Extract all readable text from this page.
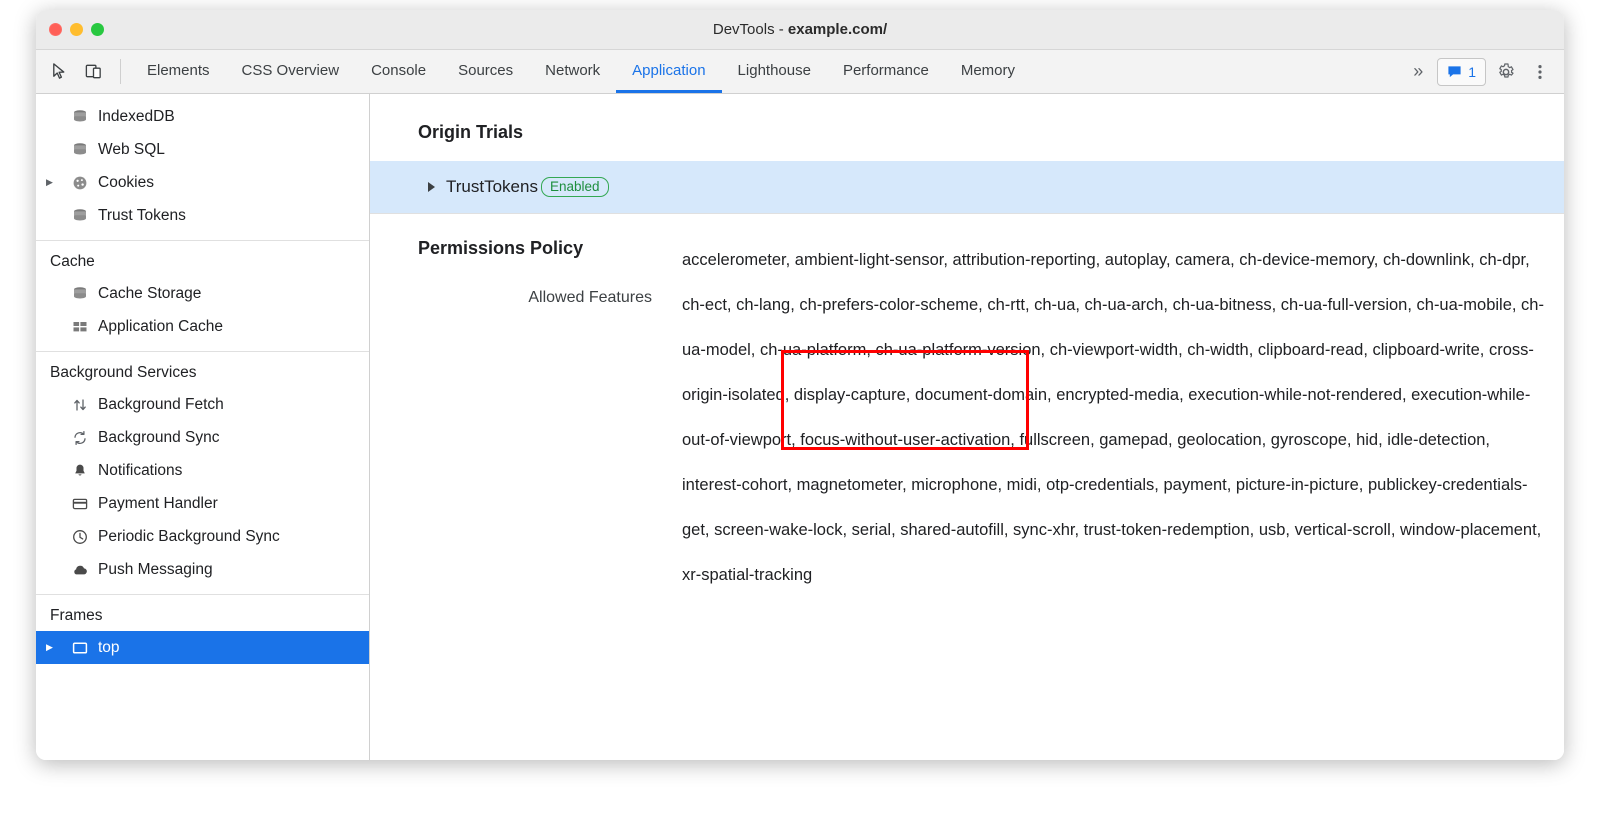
DevTools - example.com/
Elements CSS Overview Console Sources Network Application Lighthouse Performance Memory	»	1
IndexedDB
Web SQL
▶	Cookies
Trust Tokens
Cache
Cache Storage
Application Cache
Background Services
Background Fetch
Background Sync
Notifications
Payment Handler
Periodic Background Sync
Push Messaging
Frames
▶	top
Origin Trials
TrustTokens Enabled
Permissions Policy
Allowed Features
accelerometer, ambient-light-sensor, attribution-reporting, autoplay, camera, ch-device-memory, ch-downlink, ch-dpr, ch-ect, ch-lang, ch-prefers-color-scheme, ch-rtt, ch-ua, ch-ua-arch, ch-ua-bitness, ch-ua-full-version, ch-ua-mobile, ch-ua-model, ch-ua-platform, ch-ua-platform-version, ch-viewport-width, ch-width, clipboard-read, clipboard-write, cross-origin-isolated, display-capture, document-domain, encrypted-media, execution-while-not-rendered, execution-while-out-of-viewport, focus-without-user-activation, fullscreen, gamepad, geolocation, gyroscope, hid, idle-detection, interest-cohort, magnetometer, microphone, midi, otp-credentials, payment, picture-in-picture, publickey-credentials-get, screen-wake-lock, serial, shared-autofill, sync-xhr, trust-token-redemption, usb, vertical-scroll, window-placement, xr-spatial-tracking
